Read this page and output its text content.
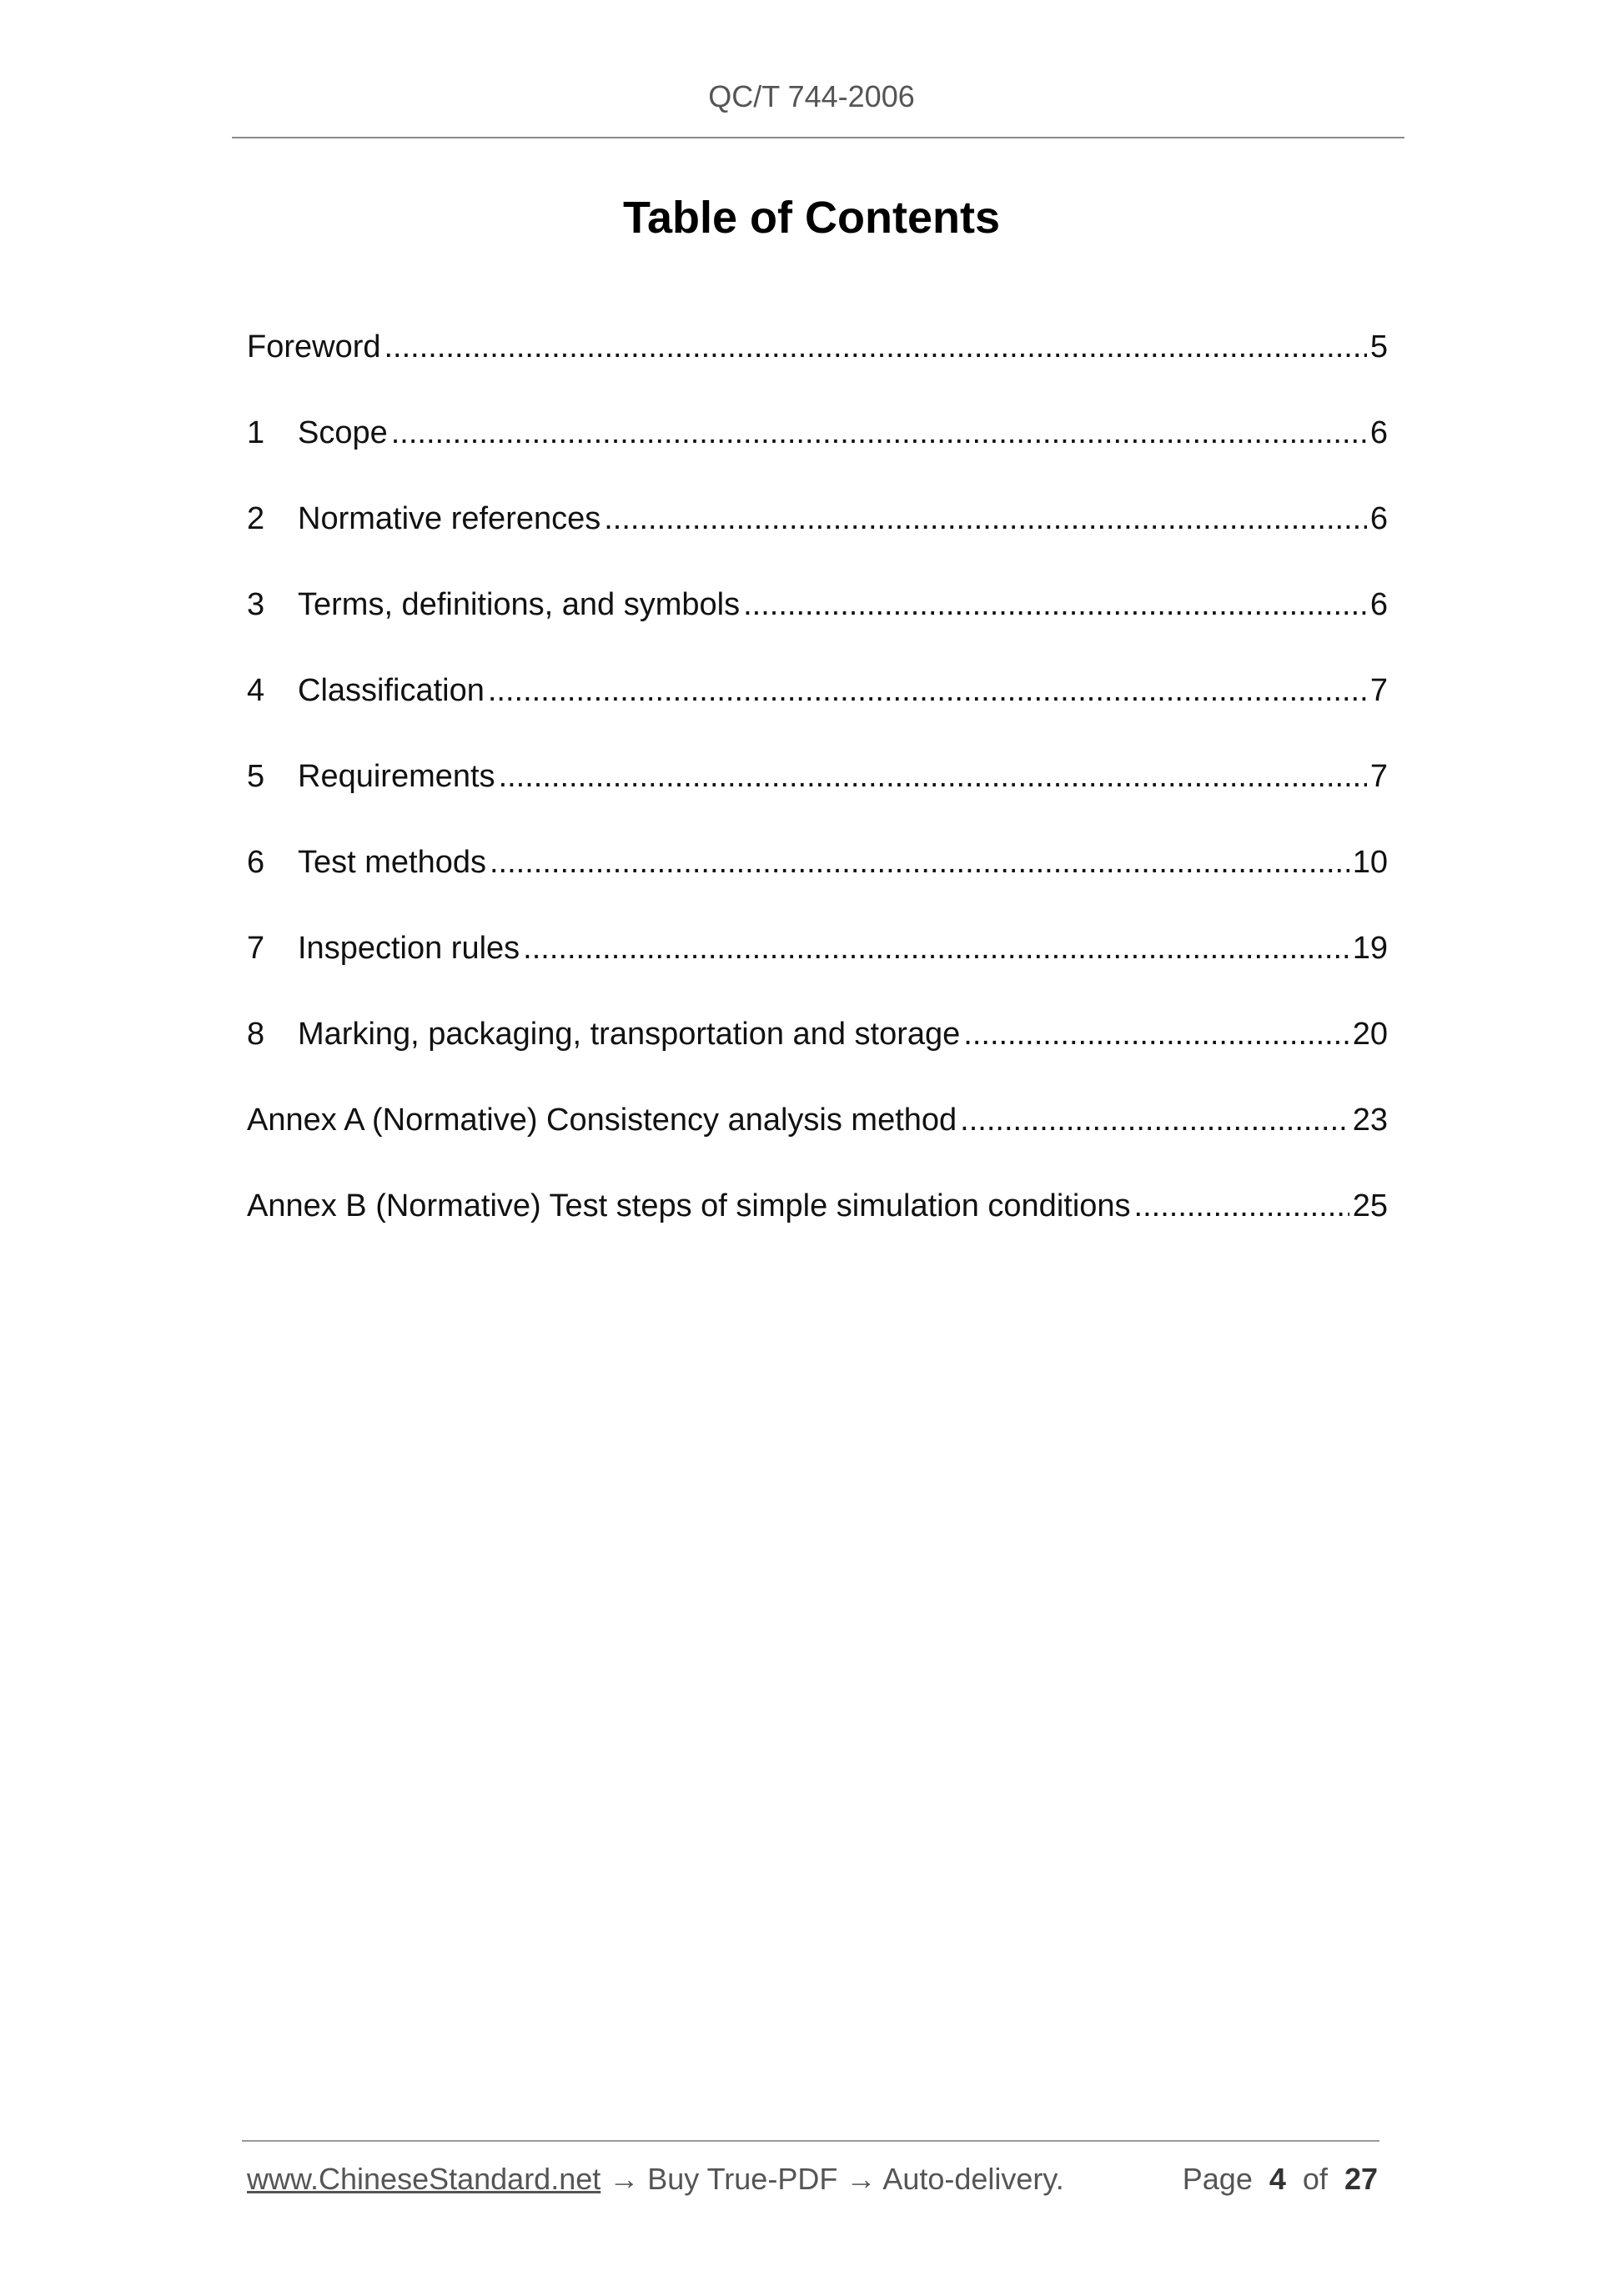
QC/T 744-2006
Table of Contents
Foreword .....	5
1	Scope .....	6
2	Normative references .....	6
3	Terms, definitions, and symbols .....	6
4	Classification .....	7
5	Requirements .....	7
6	Test methods .....	10
7	Inspection rules .....	19
8	Marking, packaging, transportation and storage .....	20
Annex A (Normative) Consistency analysis method .....	23
Annex B (Normative) Test steps of simple simulation conditions .....	25
www.ChineseStandard.net → Buy True-PDF → Auto-delivery.	Page 4 of 27
